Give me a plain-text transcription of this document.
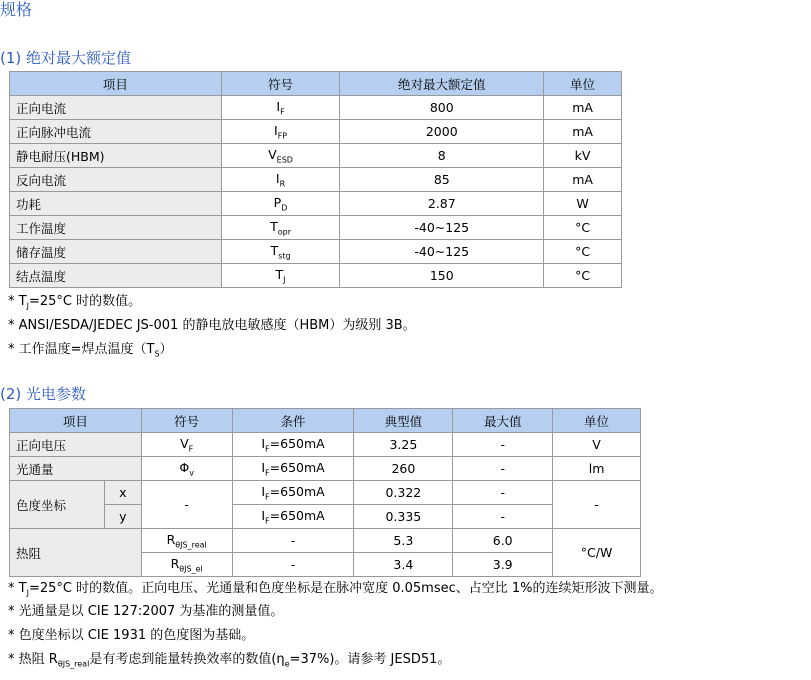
规格
(1) 绝对最大额定值
项目	符号	绝对最大额定值	单位
正向电流	$I_F$	800	mA
正向脉冲电流	$I_{FP}$	2000	mA
静电耐压(HBM)	$V_{ESD}$	8	kV
反向电流	$I_R$	85	mA
功耗	$P_D$	2.87	W
工作温度	$T_{opr}$	-40~125	°C
储存温度	$T_{stg}$	-40~125	°C
结点温度	$T_J$	150	°C
* $T_J=25^\circ C$ 时的数值。
* ANSI/ESDA/JEDEC JS-001 的静电放电敏感度（HBM）为级别 3B。
* 工作温度=焊点温度$(T_S)$
(2) 光电参数
项目		符号	条件	典型值	最大值	单位
正向电压		$V_F$	$I_F=650mA$	3.25	-	V
光通量		$\Phi_v$	$I_F=650mA$	260	-	lm
色度坐标	x	-	$I_F=650mA$	0.322	-	-
	y		$I_F=650mA$	0.335	-	
热阻		$R_{\theta JS\_real}$	-	5.3	6.0	°C/W
		$R_{\theta JS\_el}$	-	3.4	3.9	
* $T_J=25^\circ C$ 时的数值。正向电压、光通量和色度坐标是在脉冲宽度 0.05msec、占空比 1%的连续矩形波下测量。
* 光通量是以 CIE 127:2007 为基准的测量值。
* 色度坐标以 CIE 1931 的色度图为基础。
* 热阻 $R_{\theta JS\_real}$是有考虑到能量转换效率的数值$(\eta_e=37\%)$。请参考 JESD51。
